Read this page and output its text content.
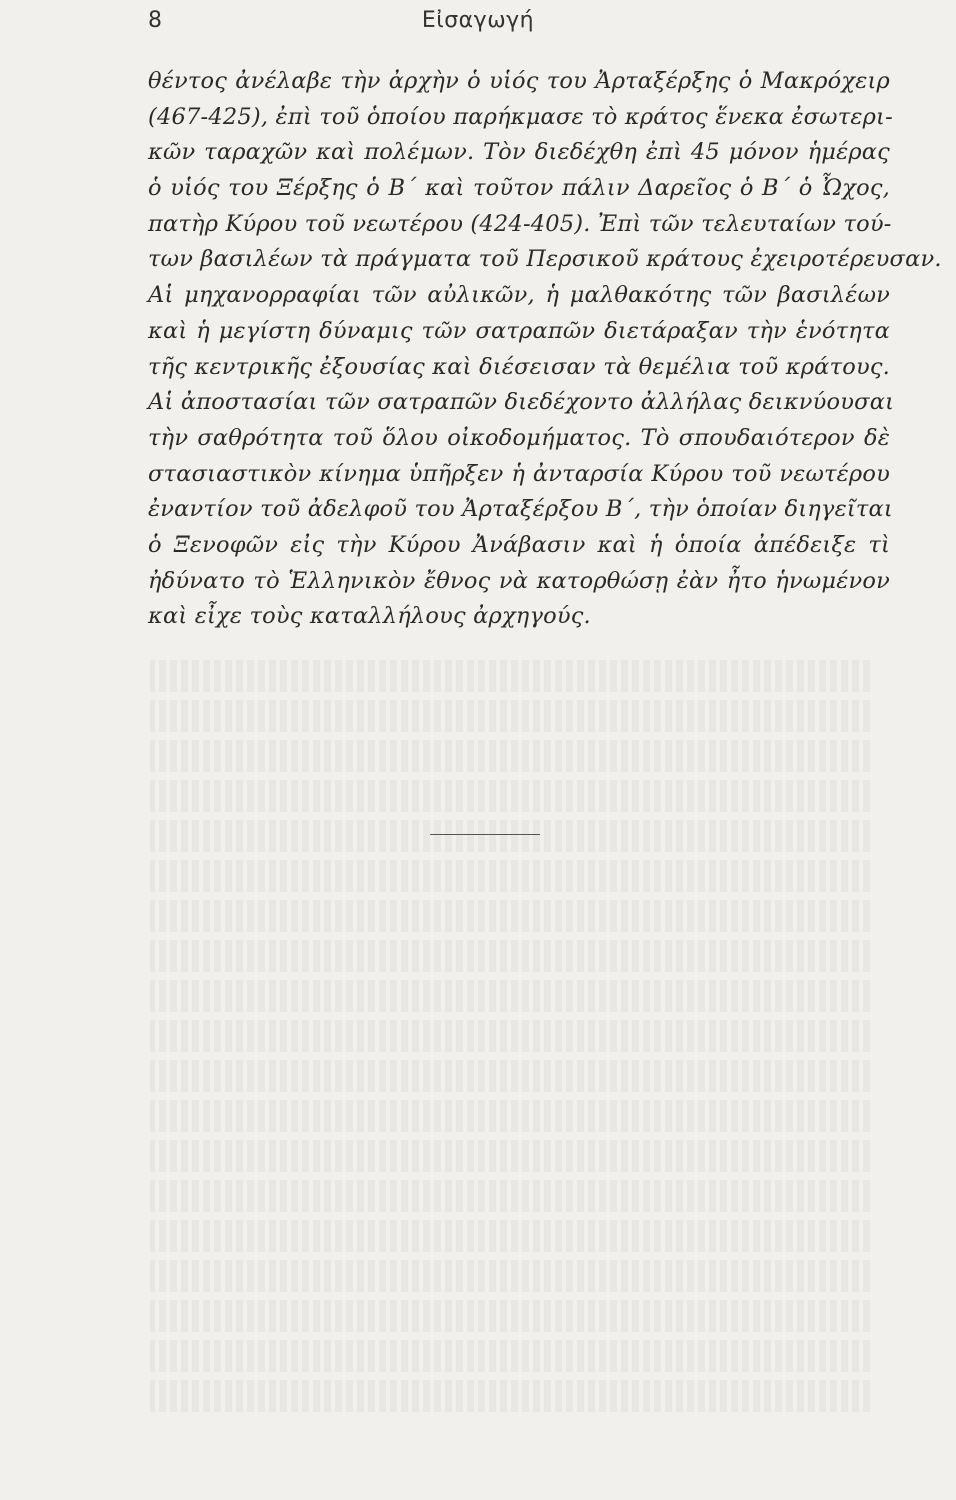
8	Εἰσαγωγή
θέντος ἀνέλαβε τὴν ἀρχὴν ὁ υἱός του Ἀρταξέρξης ὁ Μακρόχειρ
(467-425), ἐπὶ τοῦ ὁποίου παρήκμασε τὸ κράτος ἕνεκα ἐσωτερι-
κῶν ταραχῶν καὶ πολέμων. Τὸν διεδέχθη ἐπὶ 45 μόνον ἡμέρας
ὁ υἱός του Ξέρξης ὁ Β΄ καὶ τοῦτον πάλιν Δαρεῖος ὁ Β΄ ὁ Ὦχος,
πατὴρ Κύρου τοῦ νεωτέρου (424-405). Ἐπὶ τῶν τελευταίων τού-
των βασιλέων τὰ πράγματα τοῦ Περσικοῦ κράτους ἐχειροτέρευσαν.
Αἱ μηχανορραφίαι τῶν αὐλικῶν, ἡ μαλθακότης τῶν βασιλέων
καὶ ἡ μεγίστη δύναμις τῶν σατραπῶν διετάραξαν τὴν ἑνότητα
τῆς κεντρικῆς ἐξουσίας καὶ διέσεισαν τὰ θεμέλια τοῦ κράτους.
Αἱ ἀποστασίαι τῶν σατραπῶν διεδέχοντο ἀλλήλας δεικνύουσαι
τὴν σαθρότητα τοῦ ὅλου οἰκοδομήματος. Τὸ σπουδαιότερον δὲ
στασιαστικὸν κίνημα ὑπῆρξεν ἡ ἀνταρσία Κύρου τοῦ νεωτέρου
ἐναντίον τοῦ ἀδελφοῦ του Ἀρταξέρξου Β΄, τὴν ὁποίαν διηγεῖται
ὁ Ξενοφῶν εἰς τὴν Κύρου Ἀνάβασιν καὶ ἡ ὁποία ἀπέδειξε τὶ
ἠδύνατο τὸ Ἑλληνικὸν ἔθνος νὰ κατορθώσῃ ἐὰν ἦτο ἡνωμένον
καὶ εἶχε τοὺς καταλλήλους ἀρχηγούς.
